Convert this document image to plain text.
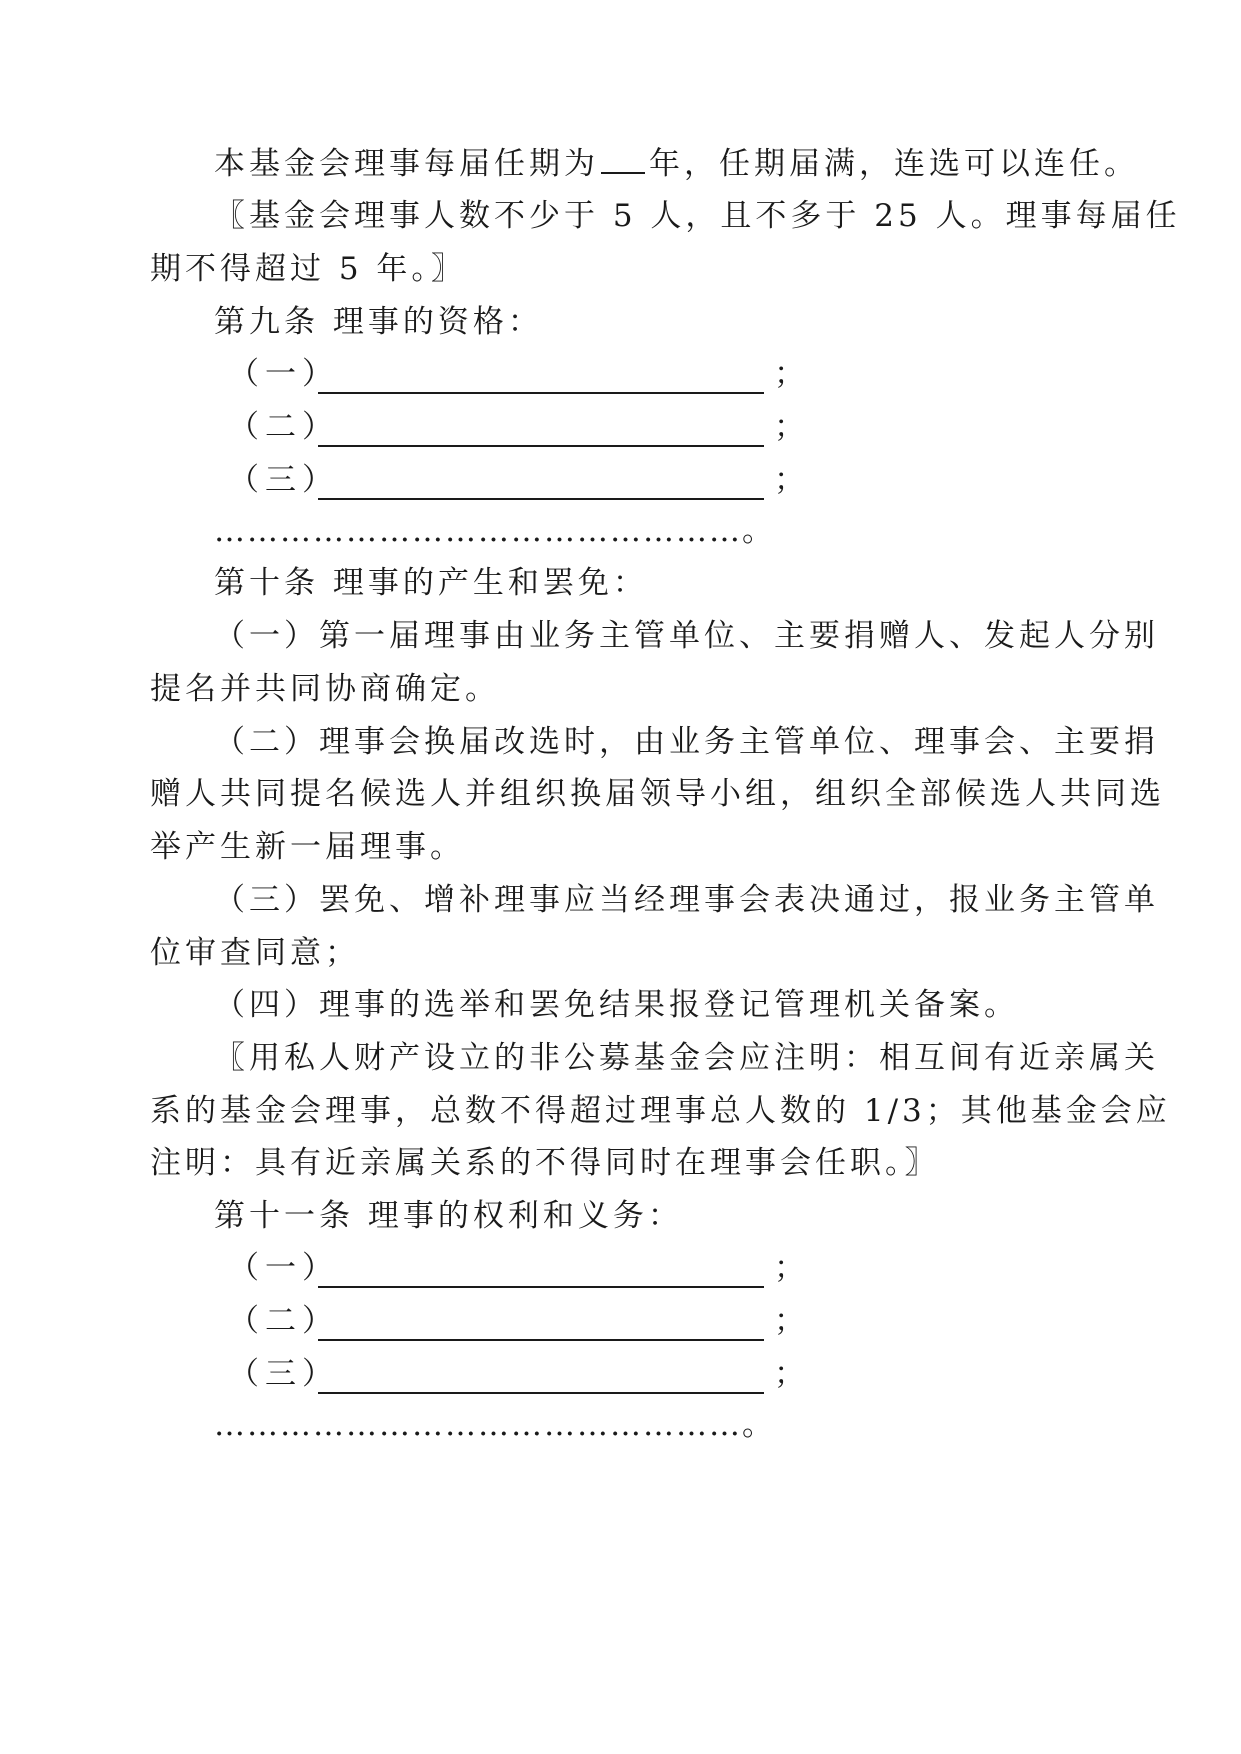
本基金会理事每届任期为 年，任期届满，连选可以连任。
〖基金会理事人数不少于 5 人，且不多于 25 人。理事每届任
期不得超过 5 年。〗
第九条 理事的资格：
（一）	；
（二）	；
（三）	；
…………………………………………。
第十条 理事的产生和罢免：
（一）第一届理事由业务主管单位、主要捐赠人、发起人分别
提名并共同协商确定。
（二）理事会换届改选时，由业务主管单位、理事会、主要捐
赠人共同提名候选人并组织换届领导小组，组织全部候选人共同选
举产生新一届理事。
（三）罢免、增补理事应当经理事会表决通过，报业务主管单
位审查同意；
（四）理事的选举和罢免结果报登记管理机关备案。
〖用私人财产设立的非公募基金会应注明：相互间有近亲属关
系的基金会理事，总数不得超过理事总人数的 1/3；其他基金会应
注明：具有近亲属关系的不得同时在理事会任职。〗
第十一条 理事的权利和义务：
（一）	；
（二）	；
（三）	；
…………………………………………。
